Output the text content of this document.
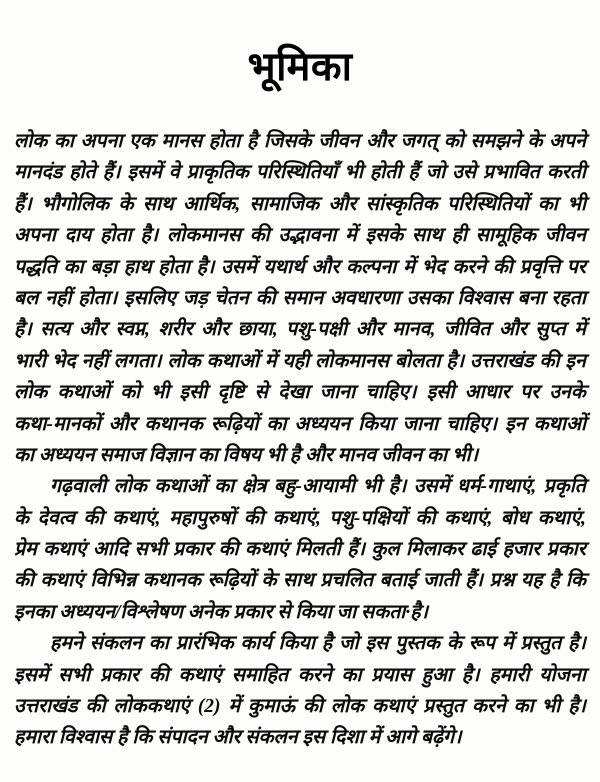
भूमिका
लोक का अपना एक मानस होता है जिसके जीवन और जगत् को समझने के अपने
मानदंड होते हैं। इसमें वे प्राकृतिक परिस्थितियाँ भी होती हैं जो उसे प्रभावित करती
हैं। भौगोलिक के साथ आर्थिक, सामाजिक और सांस्कृतिक परिस्थितियों का भी
अपना दाय होता है। लोकमानस की उद्भावना में इसके साथ ही सामूहिक जीवन
पद्धति का बड़ा हाथ होता है। उसमें यथार्थ और कल्पना में भेद करने की प्रवृत्ति पर
बल नहीं होता। इसलिए जड़ चेतन की समान अवधारणा उसका विश्वास बना रहता
है। सत्य और स्वप्न, शरीर और छाया, पशु-पक्षी और मानव, जीवित और सुप्त में
भारी भेद नहीं लगता। लोक कथाओं में यही लोकमानस बोलता है। उत्तराखंड की इन
लोक कथाओं को भी इसी दृष्टि से देखा जाना चाहिए। इसी आधार पर उनके
कथा-मानकों और कथानक रूढ़ियों का अध्ययन किया जाना चाहिए। इन कथाओं
का अध्ययन समाज विज्ञान का विषय भी है और मानव जीवन का भी।
गढ़वाली लोक कथाओं का क्षेत्र बहु-आयामी भी है। उसमें धर्म-गाथाएं, प्रकृति
के देवत्व की कथाएं, महापुरुषों की कथाएं, पशु-पक्षियों की कथाएं, बोध कथाएं,
प्रेम कथाएं आदि सभी प्रकार की कथाएं मिलती हैं। कुल मिलाकर ढाई हजार प्रकार
की कथाएं विभिन्न कथानक रूढ़ियों के साथ प्रचलित बताई जाती हैं। प्रश्न यह है कि
इनका अध्ययन/विश्लेषण अनेक प्रकार से किया जा सकता·है।
हमने संकलन का प्रारंभिक कार्य किया है जो इस पुस्तक के रूप में प्रस्तुत है।
इसमें सभी प्रकार की कथाएं समाहित करने का प्रयास हुआ है। हमारी योजना
उत्तराखंड की लोककथाएं (2) में कुमाऊं की लोक कथाएं प्रस्तुत करने का भी है।
हमारा विश्वास है कि संपादन और संकलन इस दिशा में आगे बढ़ेंगे।
